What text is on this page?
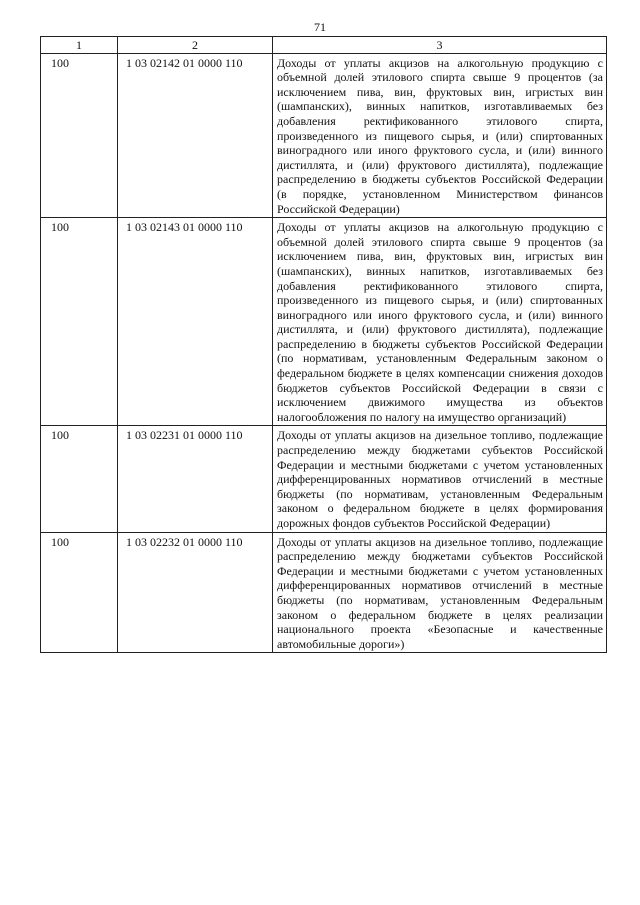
71
1	2	3
100	1 03 02142 01 0000 110	Доходы от уплаты акцизов на алкогольную продукцию с объемной долей этилового спирта свыше 9 процентов (за исключением пива, вин, фруктовых вин, игристых вин (шампанских), винных напитков, изготавливаемых без добавления ректификованного этилового спирта, произведенного из пищевого сырья, и (или) спиртованных виноградного или иного фруктового сусла, и (или) винного дистиллята, и (или) фруктового дистиллята), подлежащие распределению в бюджеты субъектов Российской Федерации (в порядке, установленном Министерством финансов Российской Федерации)
100	1 03 02143 01 0000 110	Доходы от уплаты акцизов на алкогольную продукцию с объемной долей этилового спирта свыше 9 процентов (за исключением пива, вин, фруктовых вин, игристых вин (шампанских), винных напитков, изготавливаемых без добавления ректификованного этилового спирта, произведенного из пищевого сырья, и (или) спиртованных виноградного или иного фруктового сусла, и (или) винного дистиллята, и (или) фруктового дистиллята), подлежащие распределению в бюджеты субъектов Российской Федерации (по нормативам, установленным Федеральным законом о федеральном бюджете в целях компенсации снижения доходов бюджетов субъектов Российской Федерации в связи с исключением движимого имущества из объектов налогообложения по налогу на имущество организаций)
100	1 03 02231 01 0000 110	Доходы от уплаты акцизов на дизельное топливо, подлежащие распределению между бюджетами субъектов Российской Федерации и местными бюджетами с учетом установленных дифференцированных нормативов отчислений в местные бюджеты (по нормативам, установленным Федеральным законом о федеральном бюджете в целях формирования дорожных фондов субъектов Российской Федерации)
100	1 03 02232 01 0000 110	Доходы от уплаты акцизов на дизельное топливо, подлежащие распределению между бюджетами субъектов Российской Федерации и местными бюджетами с учетом установленных дифференцированных нормативов отчислений в местные бюджеты (по нормативам, установленным Федеральным законом о федеральном бюджете в целях реализации национального проекта «Безопасные и качественные автомобильные дороги»)
